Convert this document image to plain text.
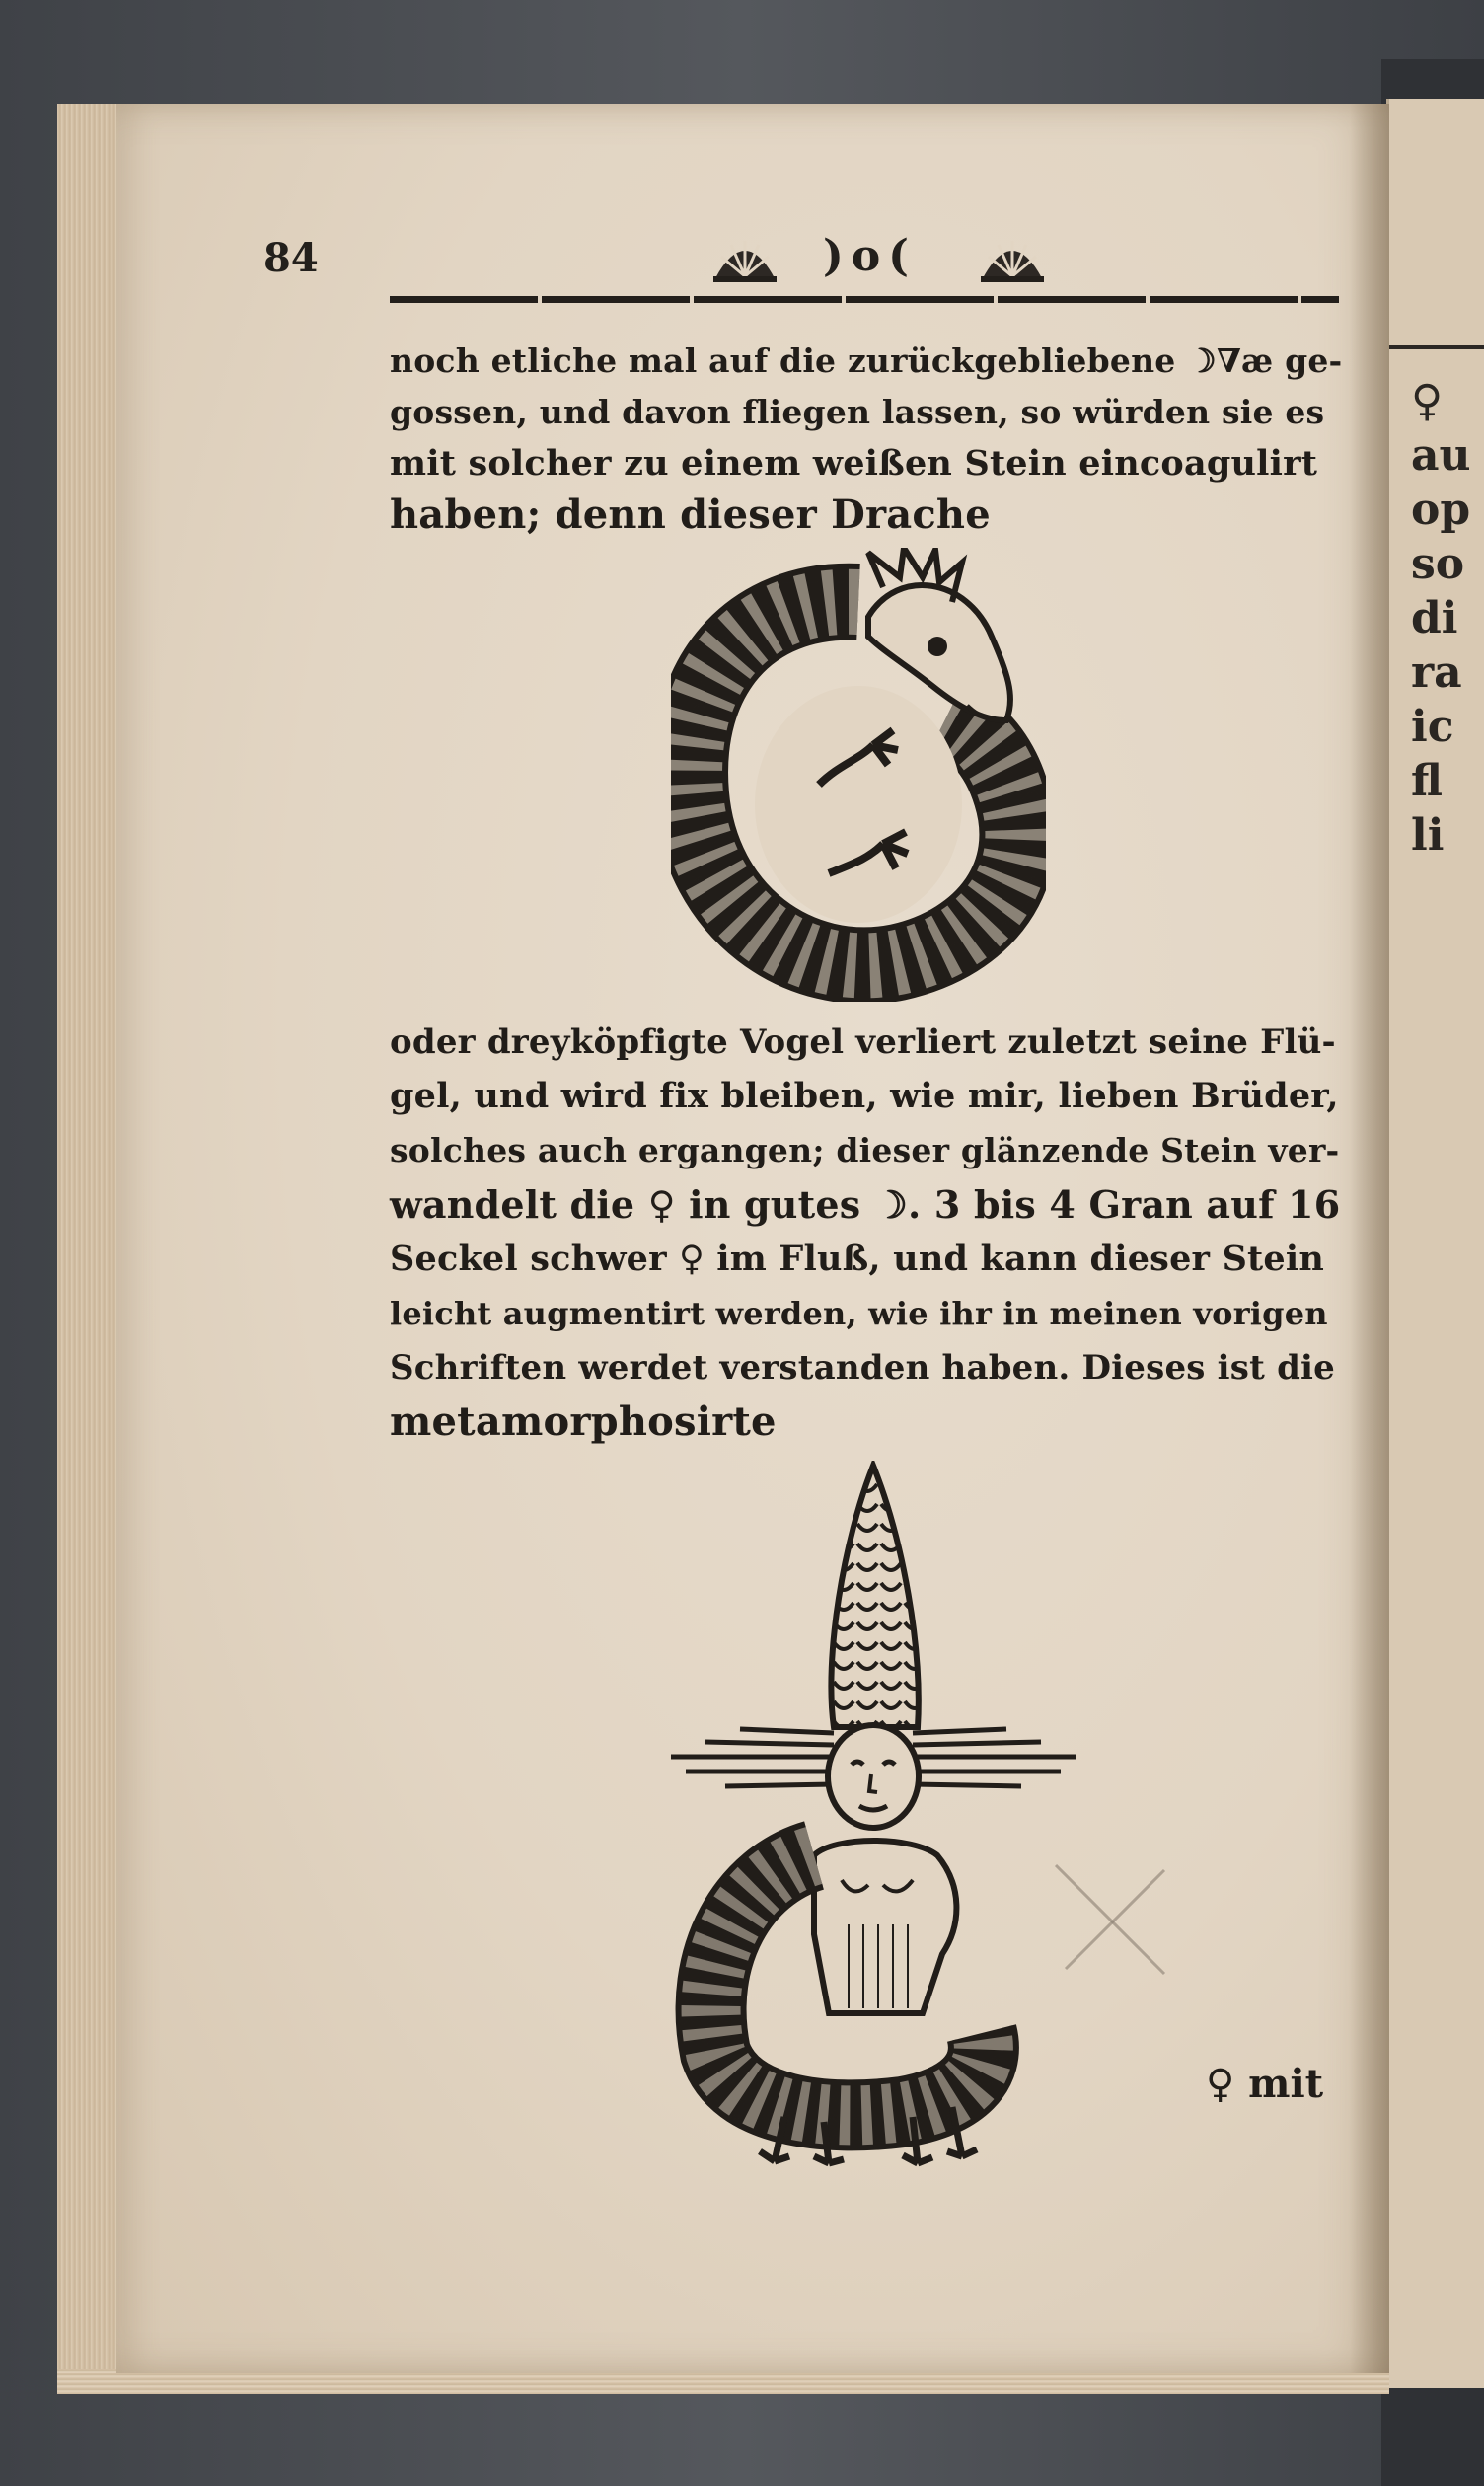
♀
au
op
so
di
ra
ic
fl
li
84	)o(
noch etliche mal auf die zurückgebliebene ☽∇æ ge-
gossen, und davon fliegen lassen, so würden sie es
mit solcher zu einem weißen Stein eincoagulirt
haben; denn dieser Drache
oder dreyköpfigte Vogel verliert zuletzt seine Flü-
gel, und wird fix bleiben, wie mir, lieben Brüder,
solches auch ergangen; dieser glänzende Stein ver-
wandelt die ♀ in gutes ☽. 3 bis 4 Gran auf 16
Seckel schwer ♀ im Fluß, und kann dieser Stein
leicht augmentirt werden, wie ihr in meinen vorigen
Schriften werdet verstanden haben. Dieses ist die
metamorphosirte
♀ mit
